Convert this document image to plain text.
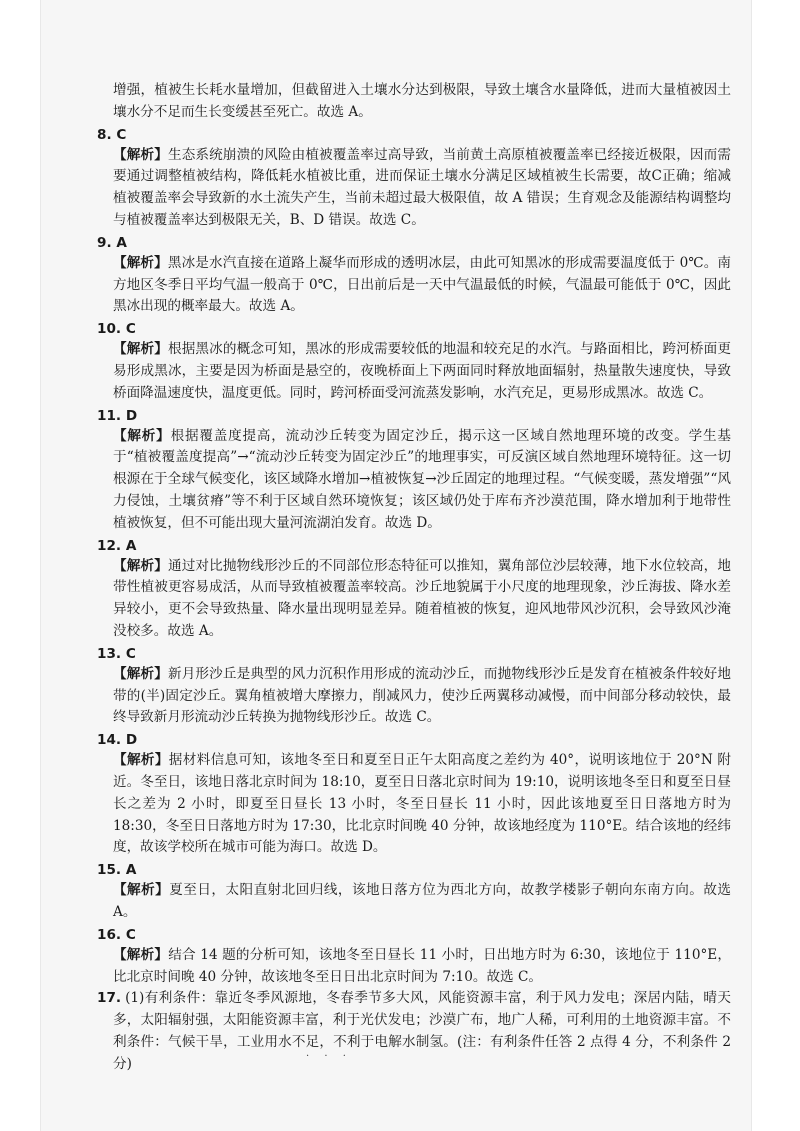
增强，植被生长耗水量增加，但截留进入土壤水分达到极限，导致土壤含水量降低，进而大量植被因土壤水分不足而生长变缓甚至死亡。故选 A。

8. C

【解析】生态系统崩溃的风险由植被覆盖率过高导致，当前黄土高原植被覆盖率已经接近极限，因而需要通过调整植被结构，降低耗水植被比重，进而保证土壤水分满足区域植被生长需要，故C正确；缩减植被覆盖率会导致新的水土流失产生，当前未超过最大极限值，故 A 错误；生育观念及能源结构调整均与植被覆盖率达到极限无关，B、D 错误。故选 C。

9. A

【解析】黑冰是水汽直接在道路上凝华而形成的透明冰层，由此可知黑冰的形成需要温度低于 0℃。南方地区冬季日平均气温一般高于 0℃，日出前后是一天中气温最低的时候，气温最可能低于 0℃，因此黑冰出现的概率最大。故选 A。

10. C

【解析】根据黑冰的概念可知，黑冰的形成需要较低的地温和较充足的水汽。与路面相比，跨河桥面更易形成黑冰，主要是因为桥面是悬空的，夜晚桥面上下两面同时释放地面辐射，热量散失速度快，导致桥面降温速度快，温度更低。同时，跨河桥面受河流蒸发影响，水汽充足，更易形成黑冰。故选 C。

11. D

【解析】根据覆盖度提高，流动沙丘转变为固定沙丘，揭示这一区域自然地理环境的改变。学生基于“植被覆盖度提高”→“流动沙丘转变为固定沙丘”的地理事实，可反演区域自然地理环境特征。这一切根源在于全球气候变化，该区域降水增加→植被恢复→沙丘固定的地理过程。“气候变暖，蒸发增强”“风力侵蚀，土壤贫瘠”等不利于区域自然环境恢复；该区域仍处于库布齐沙漠范围，降水增加利于地带性植被恢复，但不可能出现大量河流湖泊发育。故选 D。

12. A

【解析】通过对比抛物线形沙丘的不同部位形态特征可以推知，翼角部位沙层较薄，地下水位较高，地带性植被更容易成活，从而导致植被覆盖率较高。沙丘地貌属于小尺度的地理现象，沙丘海拔、降水差异较小，更不会导致热量、降水量出现明显差异。随着植被的恢复，迎风地带风沙沉积，会导致风沙淹没校多。故选 A。

13. C

【解析】新月形沙丘是典型的风力沉积作用形成的流动沙丘，而抛物线形沙丘是发育在植被条件较好地带的(半)固定沙丘。翼角植被增大摩擦力，削减风力，使沙丘两翼移动减慢，而中间部分移动较快，最终导致新月形流动沙丘转换为抛物线形沙丘。故选 C。

14. D

【解析】据材料信息可知，该地冬至日和夏至日正午太阳高度之差约为 40°，说明该地位于 20°N 附近。冬至日，该地日落北京时间为 18:10，夏至日日落北京时间为 19:10，说明该地冬至日和夏至日昼长之差为 2 小时，即夏至日昼长 13 小时，冬至日昼长 11 小时，因此该地夏至日日落地方时为 18:30，冬至日日落地方时为 17:30，比北京时间晚 40 分钟，故该地经度为 110°E。结合该地的经纬度，故该学校所在城市可能为海口。故选 D。

15. A

【解析】夏至日，太阳直射北回归线，该地日落方位为西北方向，故教学楼影子朝向东南方向。故选 A。

16. C

【解析】结合 14 题的分析可知，该地冬至日昼长 11 小时，日出地方时为 6:30，该地位于 110°E，比北京时间晚 40 分钟，故该地冬至日日出北京时间为 7:10。故选 C。

17. (1)有利条件：靠近冬季风源地，冬春季节多大风，风能资源丰富，利于风力发电；深居内陆，晴天多，太阳辐射强，太阳能资源丰富，利于光伏发电；沙漠广布，地广人稀，可利用的土地资源丰富。不利条件：气候干旱，工业用水不足，不利于电解水制氢。(注：有利条件任答 2 点得 4 分，不利条件 2 分)	· · ·
